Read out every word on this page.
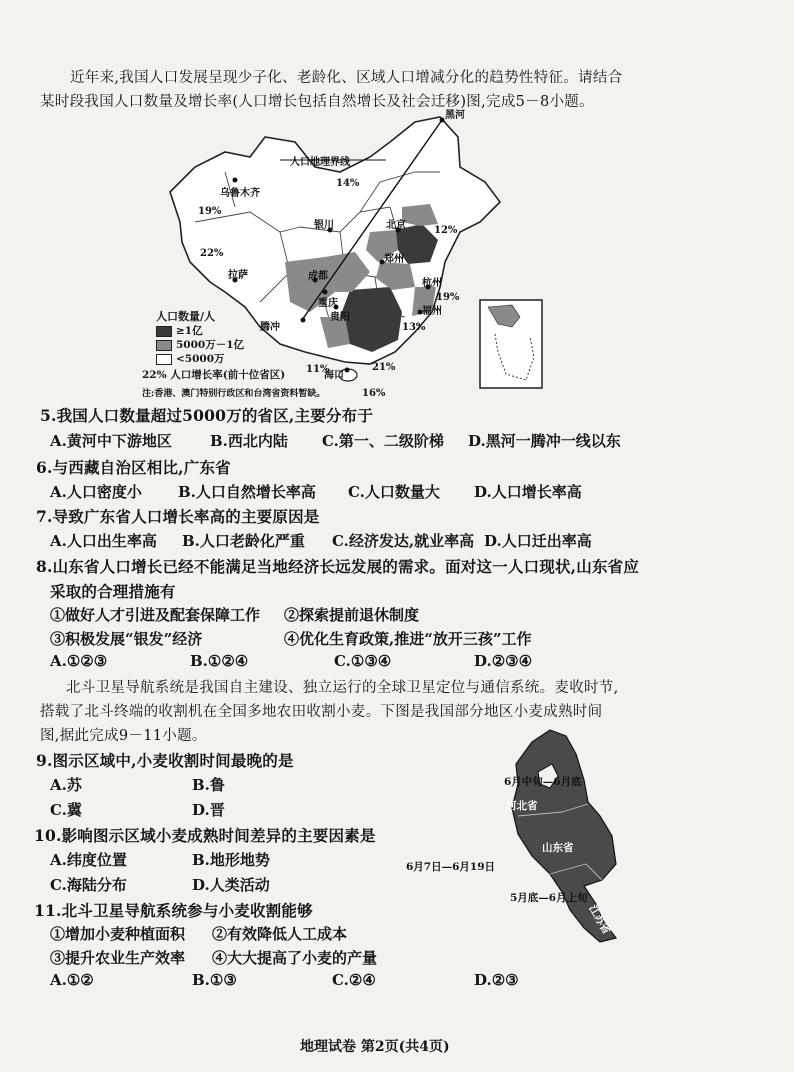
近年来,我国人口发展呈现少子化、老龄化、区域人口增减分化的趋势性特征。请结合
某时段我国人口数量及增长率(人口增长包括自然增长及社会迁移)图,完成5－8小题。
黑河
人口地理界线
乌鲁木齐
银川	北京
拉萨	成都
郑州
重庆
贵阳
杭州
福州
腾冲
海口
14%
19%
12%
22%
19%
13%
11%	21%
16%
人口数量/人
≥1亿
5000万－1亿
<5000万
22% 人口增长率(前十位省区)
注:香港、澳门特别行政区和台湾省资料暂缺。
5.我国人口数量超过5000万的省区,主要分布于
A.黄河中下游地区	B.西北内陆 C.第一、二级阶梯 D.黑河一腾冲一线以东
6.与西藏自治区相比,广东省
A.人口密度小 B.人口自然增长率高 C.人口数量大 D.人口增长率高
7.导致广东省人口增长率高的主要原因是
A.人口出生率高 B.人口老龄化严重 C.经济发达,就业率高 D.人口迁出率高
8.山东省人口增长已经不能满足当地经济长远发展的需求。面对这一人口现状,山东省应
采取的合理措施有
①做好人才引进及配套保障工作 ②探索提前退休制度
③积极发展“银发”经济	④优化生育政策,推进“放开三孩”工作
A.①②③	B.①②④	C.①③④	D.②③④
北斗卫星导航系统是我国自主建设、独立运行的全球卫星定位与通信系统。麦收时节,
搭载了北斗终端的收割机在全国多地农田收割小麦。下图是我国部分地区小麦成熟时间
图,据此完成9－11小题。
9.图示区域中,小麦收割时间最晚的是
A.苏	B.鲁
C.冀	D.晋
10.影响图示区域小麦成熟时间差异的主要因素是
A.纬度位置	B.地形地势
C.海陆分布	D.人类活动
11.北斗卫星导航系统参与小麦收割能够
①增加小麦种植面积 ②有效降低人工成本
③提升农业生产效率 ④大大提高了小麦的产量
A.①②	B.①③	C.②④	D.②③
6月中旬—6月底
河北省
山东省
6月7日—6月19日
5月底—6月上旬
江苏省
地理试卷 第2页(共4页)
